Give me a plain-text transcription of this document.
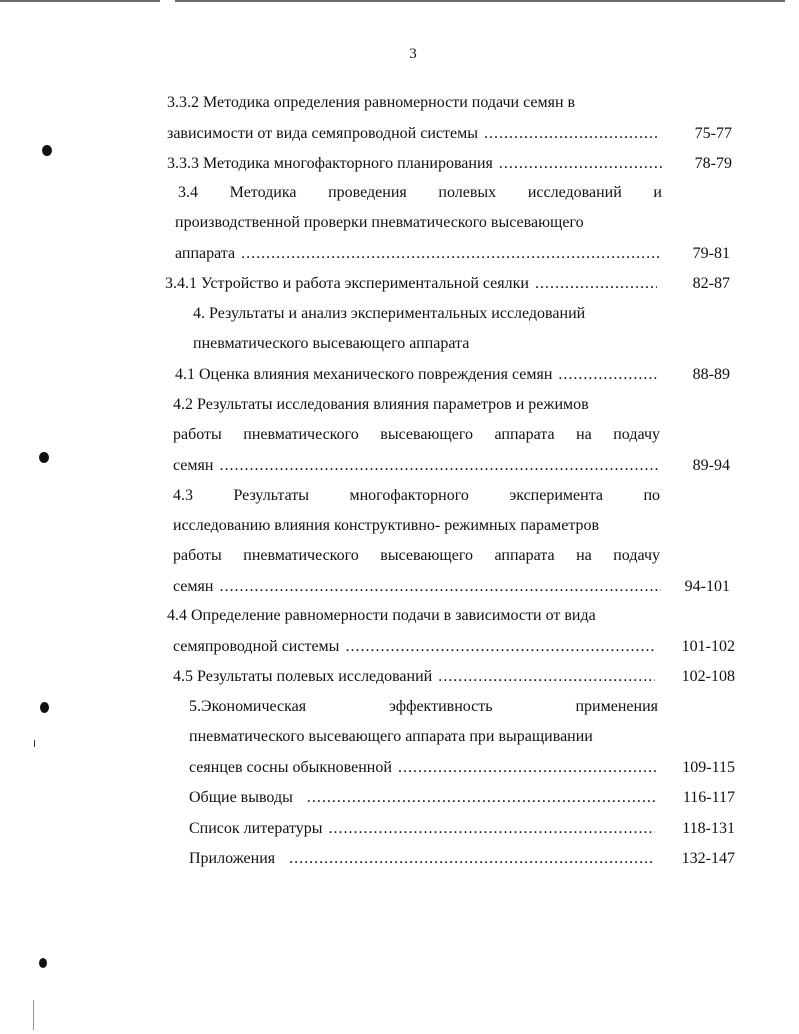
3
3.3.2 Методика определения равномерности подачи семян в
зависимости от вида семяпроводной системы .....	75-77
3.3.3 Методика многофакторного планирования .....	78-79
3.4 Методика проведения полевых исследований и
производственной проверки пневматического высевающего
аппарата .....	79-81
3.4.1 Устройство и работа экспериментальной сеялки .....	82-87
4. Результаты и анализ экспериментальных исследований
пневматического высевающего аппарата
4.1 Оценка влияния механического повреждения семян .....	88-89
4.2 Результаты исследования влияния параметров и режимов
работы пневматического высевающего аппарата на подачу
семян .....	89-94
4.3 Результаты многофакторного эксперимента по
исследованию влияния конструктивно- режимных параметров
работы пневматического высевающего аппарата на подачу
семян .....	94-101
4.4 Определение равномерности подачи в зависимости от вида
семяпроводной системы .....	101-102
4.5 Результаты полевых исследований .....	102-108
5.Экономическая эффективность применения
пневматического высевающего аппарата при выращивании
сеянцев сосны обыкновенной .....	109-115
Общие выводы .....	116-117
Список литературы .....	118-131
Приложения .....	132-147
